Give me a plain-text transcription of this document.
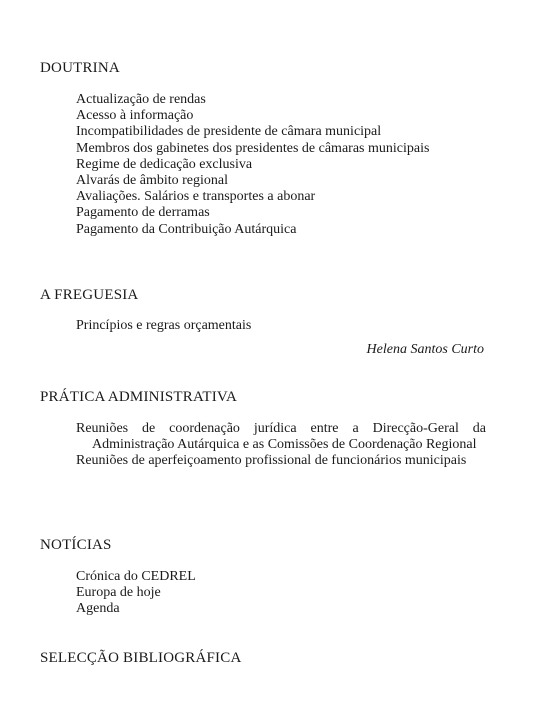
DOUTRINA
Actualização de rendas
Acesso à informação
Incompatibilidades de presidente de câmara municipal
Membros dos gabinetes dos presidentes de câmaras municipais
Regime de dedicação exclusiva
Alvarás de âmbito regional
Avaliações. Salários e transportes a abonar
Pagamento de derramas
Pagamento da Contribuição Autárquica
A FREGUESIA
Princípios e regras orçamentais
Helena Santos Curto
PRÁTICA ADMINISTRATIVA
Reuniões de coordenação jurídica entre a Direcção-Geral da Administração Autárquica e as Comissões de Coordenação Regional
Reuniões de aperfeiçoamento profissional de funcionários municipais
NOTÍCIAS
Crónica do CEDREL
Europa de hoje
Agenda
SELECÇÃO BIBLIOGRÁFICA
